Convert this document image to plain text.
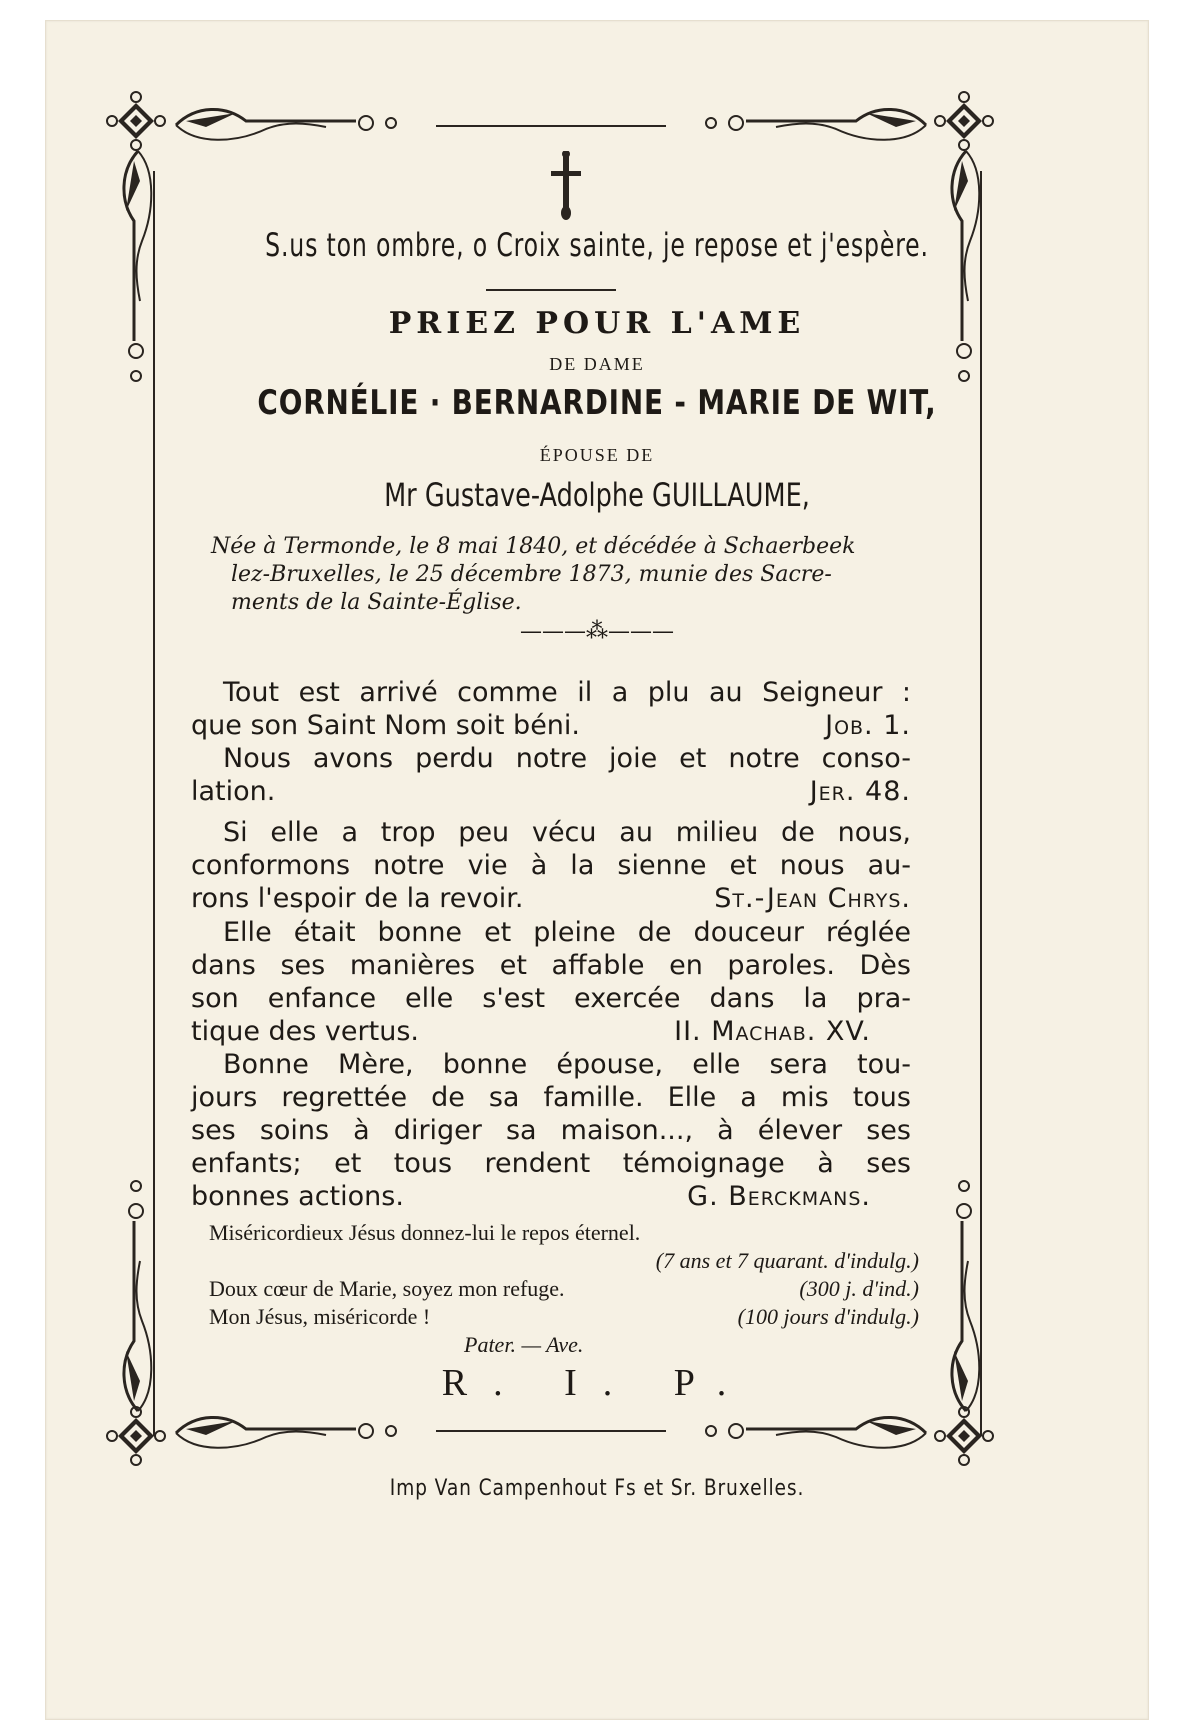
S.us ton ombre, o Croix sainte, je repose et j'espère.
PRIEZ POUR L'AME
DE DAME
CORNÉLIE · BERNARDINE - MARIE DE WIT,
ÉPOUSE DE
Mr Gustave-Adolphe GUILLAUME,
Née à Termonde, le 8 mai 1840, et décédée à Schaerbeek
lez-Bruxelles, le 25 décembre 1873, munie des Sacre-
ments de la Sainte-Église.
———⁂———
Tout est arrivé comme il a plu au Seigneur :
que son Saint Nom soit béni.	Job. 1.
Nous avons perdu notre joie et notre conso-
lation.	Jer. 48.
Si elle a trop peu vécu au milieu de nous,
conformons notre vie à la sienne et nous au-
rons l'espoir de la revoir.	St.-Jean Chrys.
Elle était bonne et pleine de douceur réglée
dans ses manières et affable en paroles. Dès
son enfance elle s'est exercée dans la pra-
tique des vertus.	II. Machab. XV.
Bonne Mère, bonne épouse, elle sera tou-
jours regrettée de sa famille. Elle a mis tous
ses soins à diriger sa maison..., à élever ses
enfants; et tous rendent témoignage à ses
bonnes actions.	G. Berckmans.
Miséricordieux Jésus donnez-lui le repos éternel.
(7 ans et 7 quarant. d'indulg.)
Doux cœur de Marie, soyez mon refuge.	(300 j. d'ind.)
Mon Jésus, miséricorde !	(100 jours d'indulg.)
Pater. — Ave.
R. I. P.
Imp Van Campenhout Fs et Sr. Bruxelles.
